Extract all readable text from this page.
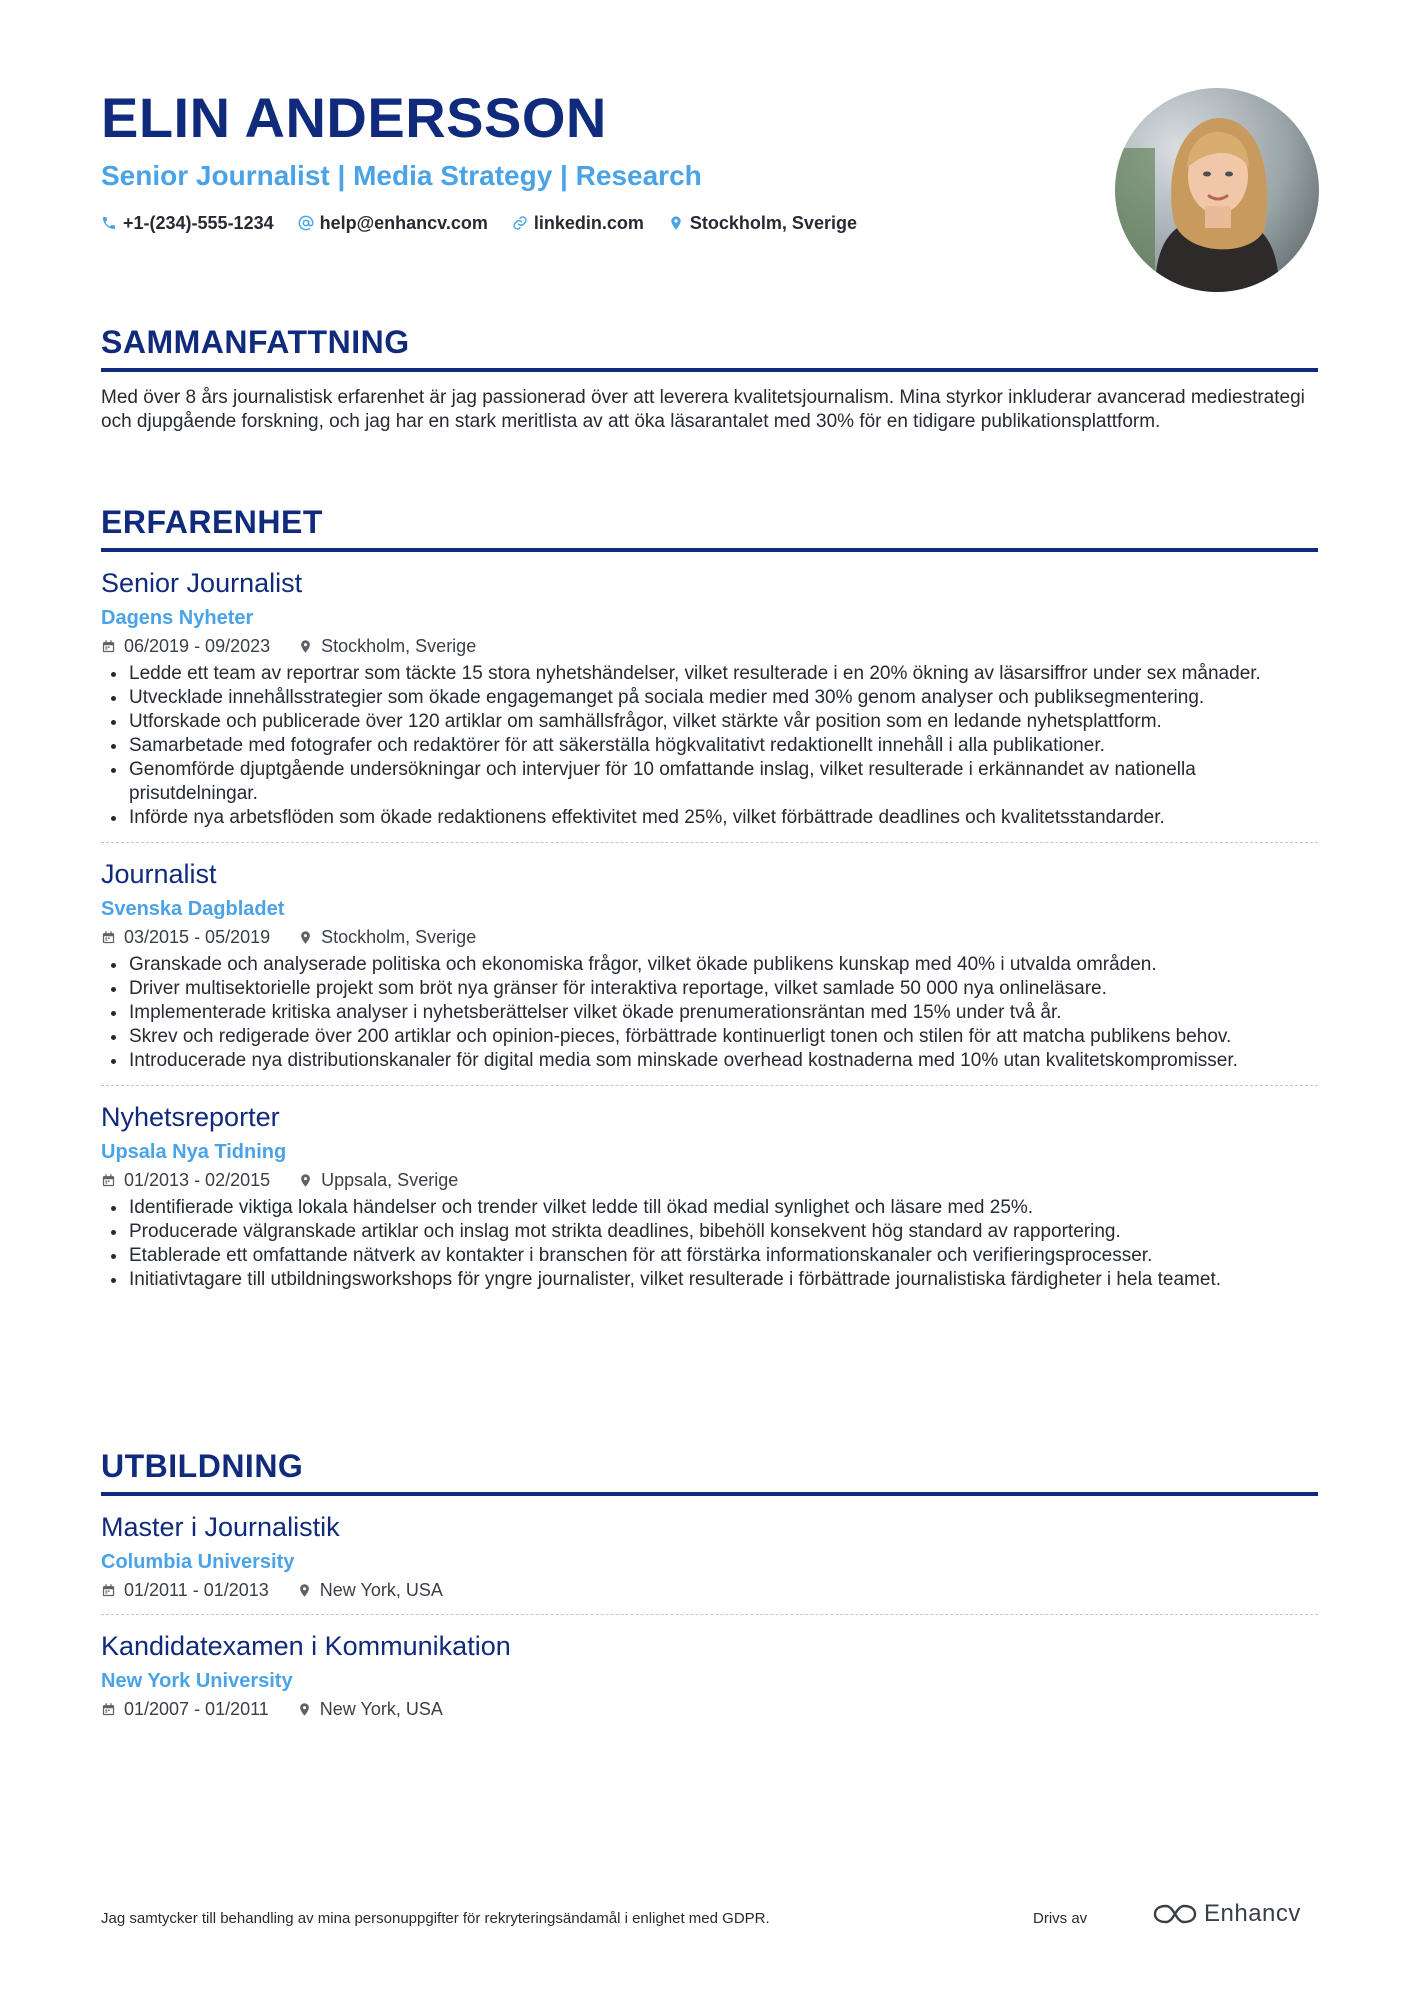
ELIN ANDERSSON
Senior Journalist | Media Strategy | Research
+1-(234)-555-1234	help@enhancv.com	linkedin.com	Stockholm, Sverige
SAMMANFATTNING
Med över 8 års journalistisk erfarenhet är jag passionerad över att leverera kvalitetsjournalism. Mina styrkor inkluderar avancerad mediestrategi och djupgående forskning, och jag har en stark meritlista av att öka läsarantalet med 30% för en tidigare publikationsplattform.
ERFARENHET
Senior Journalist
Dagens Nyheter
06/2019 - 09/2023	Stockholm, Sverige
Ledde ett team av reportrar som täckte 15 stora nyhetshändelser, vilket resulterade i en 20% ökning av läsarsiffror under sex månader.
Utvecklade innehållsstrategier som ökade engagemanget på sociala medier med 30% genom analyser och publiksegmentering.
Utforskade och publicerade över 120 artiklar om samhällsfrågor, vilket stärkte vår position som en ledande nyhetsplattform.
Samarbetade med fotografer och redaktörer för att säkerställa högkvalitativt redaktionellt innehåll i alla publikationer.
Genomförde djuptgående undersökningar och intervjuer för 10 omfattande inslag, vilket resulterade i erkännandet av nationella prisutdelningar.
Införde nya arbetsflöden som ökade redaktionens effektivitet med 25%, vilket förbättrade deadlines och kvalitetsstandarder.
Journalist
Svenska Dagbladet
03/2015 - 05/2019	Stockholm, Sverige
Granskade och analyserade politiska och ekonomiska frågor, vilket ökade publikens kunskap med 40% i utvalda områden.
Driver multisektorielle projekt som bröt nya gränser för interaktiva reportage, vilket samlade 50 000 nya onlineläsare.
Implementerade kritiska analyser i nyhetsberättelser vilket ökade prenumerationsräntan med 15% under två år.
Skrev och redigerade över 200 artiklar och opinion-pieces, förbättrade kontinuerligt tonen och stilen för att matcha publikens behov.
Introducerade nya distributionskanaler för digital media som minskade overhead kostnaderna med 10% utan kvalitetskompromisser.
Nyhetsreporter
Upsala Nya Tidning
01/2013 - 02/2015	Uppsala, Sverige
Identifierade viktiga lokala händelser och trender vilket ledde till ökad medial synlighet och läsare med 25%.
Producerade välgranskade artiklar och inslag mot strikta deadlines, bibehöll konsekvent hög standard av rapportering.
Etablerade ett omfattande nätverk av kontakter i branschen för att förstärka informationskanaler och verifieringsprocesser.
Initiativtagare till utbildningsworkshops för yngre journalister, vilket resulterade i förbättrade journalistiska färdigheter i hela teamet.
UTBILDNING
Master i Journalistik
Columbia University
01/2011 - 01/2013	New York, USA
Kandidatexamen i Kommunikation
New York University
01/2007 - 01/2011	New York, USA
Jag samtycker till behandling av mina personuppgifter för rekryteringsändamål i enlighet med GDPR.	Drivs av	Enhancv
